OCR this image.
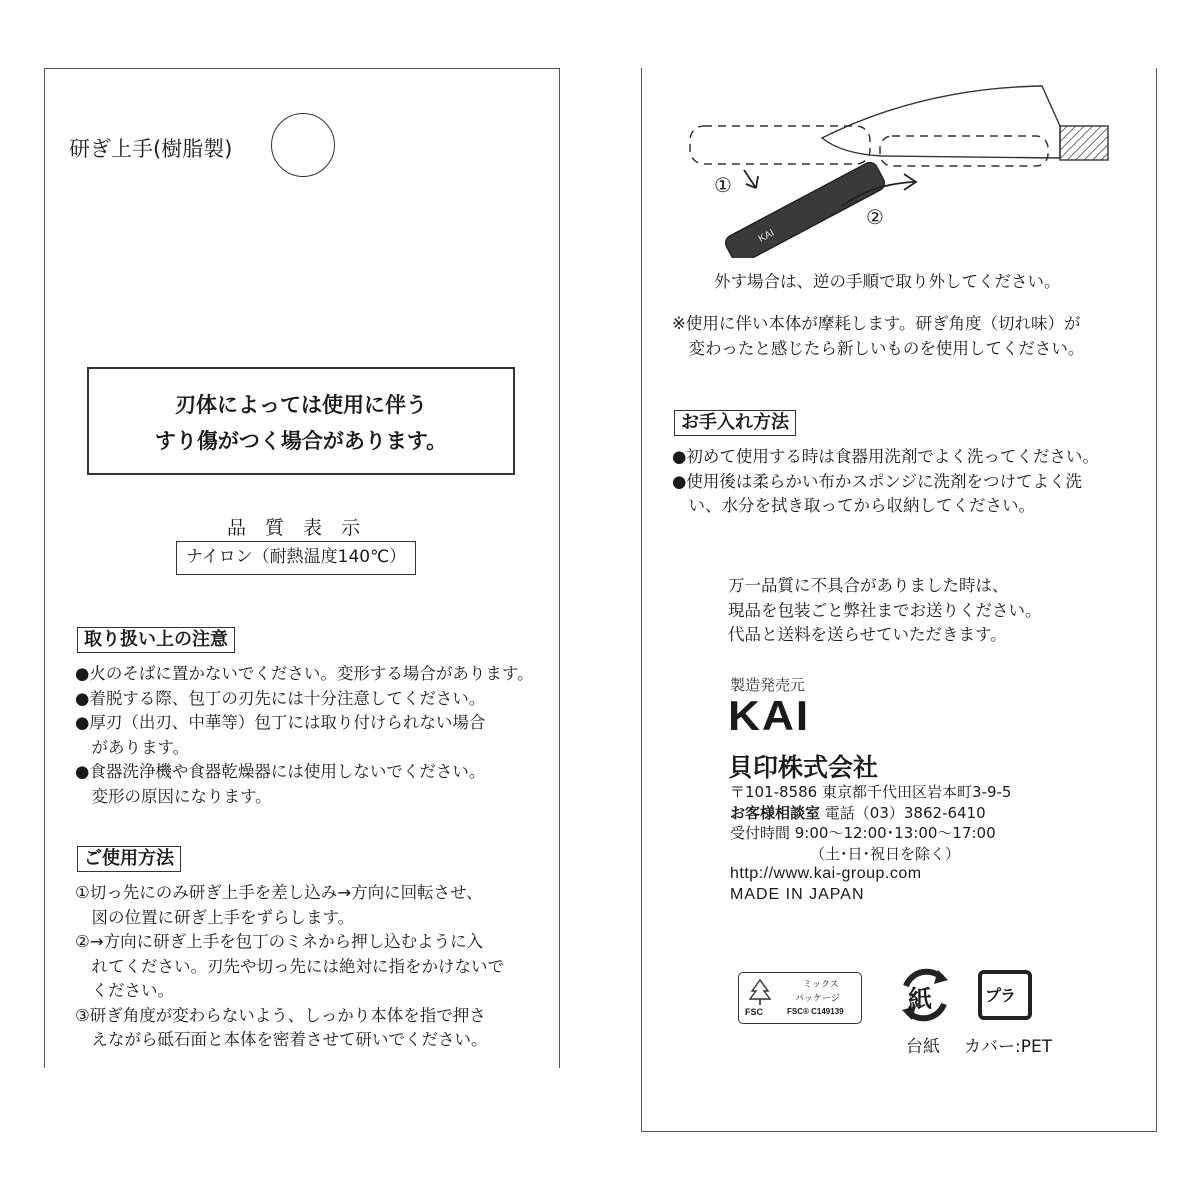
研ぎ上手(樹脂製)
刃体によっては使用に伴う
すり傷がつく場合があります。
品　質　表　示
ナイロン（耐熱温度140℃）
取り扱い上の注意
●火のそばに置かないでください。変形する場合があります。
●着脱する際、包丁の刃先には十分注意してください。
●厚刃（出刃、中華等）包丁には取り付けられない場合
　があります。
●食器洗浄機や食器乾燥器には使用しないでください。
　変形の原因になります。
ご使用方法
①切っ先にのみ研ぎ上手を差し込み→方向に回転させ、
　図の位置に研ぎ上手をずらします。
②→方向に研ぎ上手を包丁のミネから押し込むように入
　れてください。刃先や切っ先には絶対に指をかけないで
　ください。
③研ぎ角度が変わらないよう、しっかり本体を指で押さ
　えながら砥石面と本体を密着させて研いでください。
KAI
①
②
外す場合は、逆の手順で取り外してください。
※使用に伴い本体が摩耗します。研ぎ角度（切れ味）が
　変わったと感じたら新しいものを使用してください。
お手入れ方法
●初めて使用する時は食器用洗剤でよく洗ってください。
●使用後は柔らかい布かスポンジに洗剤をつけてよく洗
　い、水分を拭き取ってから収納してください。
万一品質に不具合がありました時は、
現品を包装ごと弊社までお送りください。
代品と送料を送らせていただきます。
製造発売元
KAI
貝印株式会社
〒101-8586 東京都千代田区岩本町3-9-5
お客様相談室 電話（03）3862-6410
受付時間 9:00〜12:00･13:00〜17:00
（土･日･祝日を除く）
http://www.kai-group.com
MADE IN JAPAN
FSC
ミックス
パッケージ
FSC® C149139	紙	プラ
台紙 カバー:PET
